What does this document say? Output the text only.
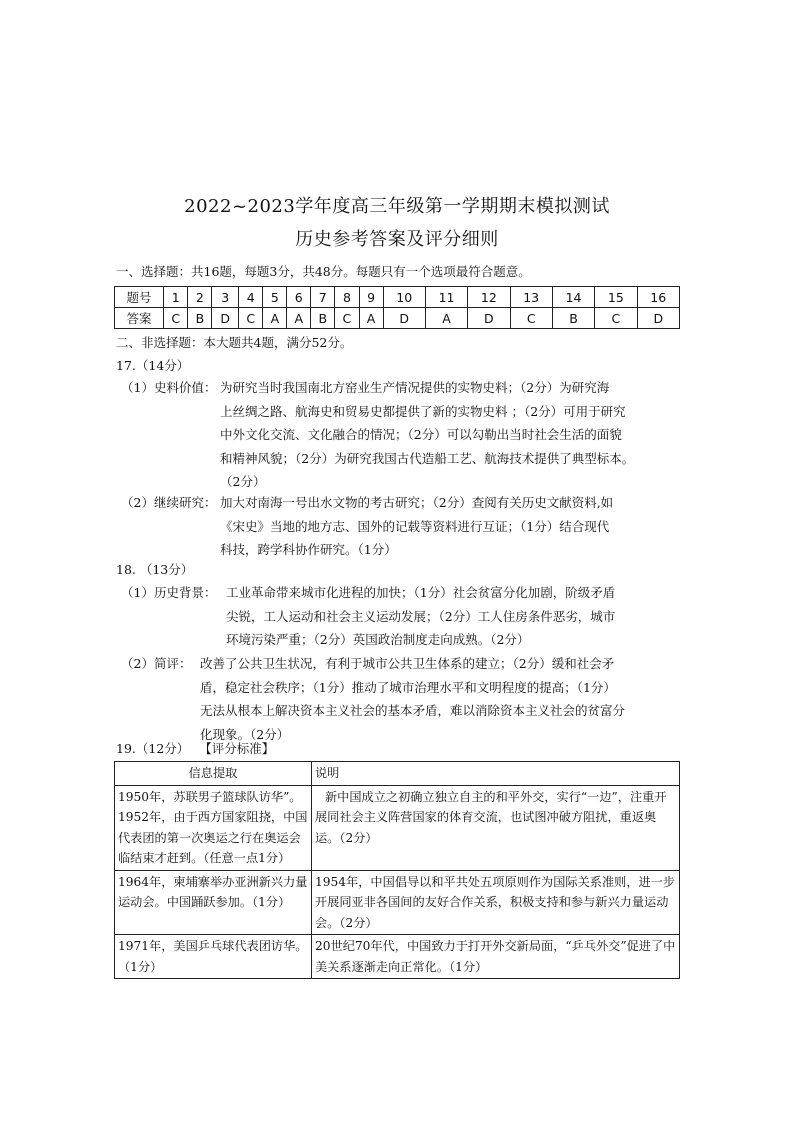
2022~2023学年度高三年级第一学期期末模拟测试
历史参考答案及评分细则
一、选择题：共16题，每题3分，共48分。每题只有一个选项最符合题意。
题号	1	2	3	4	5	6	7	8	9	10	11	12	13	14	15	16
答案	C	B	D	C	A	A	B	C	A	D	A	D	C	B	C	D
二、非选择题：本大题共4题，满分52分。
17.（14分）
（1）史料价值： 为研究当时我国南北方窑业生产情况提供的实物史料；（2分）为研究海
上丝绸之路、航海史和贸易史都提供了新的实物史料 ；（2分）可用于研究
中外文化交流、文化融合的情况；（2分）可以勾勒出当时社会生活的面貌
和精神风貌；（2分）为研究我国古代造船工艺、航海技术提供了典型标本。
（2分）
（2）继续研究： 加大对南海一号出水文物的考古研究；（2分）查阅有关历史文献资料,如
《宋史》当地的地方志、国外的记载等资料进行互证；（1分）结合现代
科技，跨学科协作研究。（1分）
18. （13分）
（1）历史背景： 工业革命带来城市化进程的加快；（1分）社会贫富分化加剧，阶级矛盾
尖锐，工人运动和社会主义运动发展；（2分）工人住房条件恶劣，城市
环境污染严重；（2分）英国政治制度走向成熟。（2分）
（2）简评： 改善了公共卫生状况，有利于城市公共卫生体系的建立；（2分）缓和社会矛
盾，稳定社会秩序；（1分）推动了城市治理水平和文明程度的提高；（1分）
无法从根本上解决资本主义社会的基本矛盾，难以消除资本主义社会的贫富分
化现象。（2分）
19.（12分） 【评分标准】
信息提取	说明
1950年，苏联男子篮球队访华”。1952年，由于西方国家阻挠，中国代表团的第一次奥运之行在奥运会临结束才赶到。（任意一点1分）	新中国成立之初确立独立自主的和平外交，实行“一边”，注重开展同社会主义阵营国家的体育交流，也试图冲破方阻扰，重返奥运。（2分）
1964年，柬埔寨举办亚洲新兴力量运动会。中国踊跃参加。（1分）	1954年，中国倡导以和平共处五项原则作为国际关系准则，进一步开展同亚非各国间的友好合作关系，积极支持和参与新兴力量运动会。（2分）
1971年，美国乒乓球代表团访华。（1分）	20世纪70年代，中国致力于打开外交新局面，“乒乓外交”促进了中美关系逐渐走向正常化。（1分）
